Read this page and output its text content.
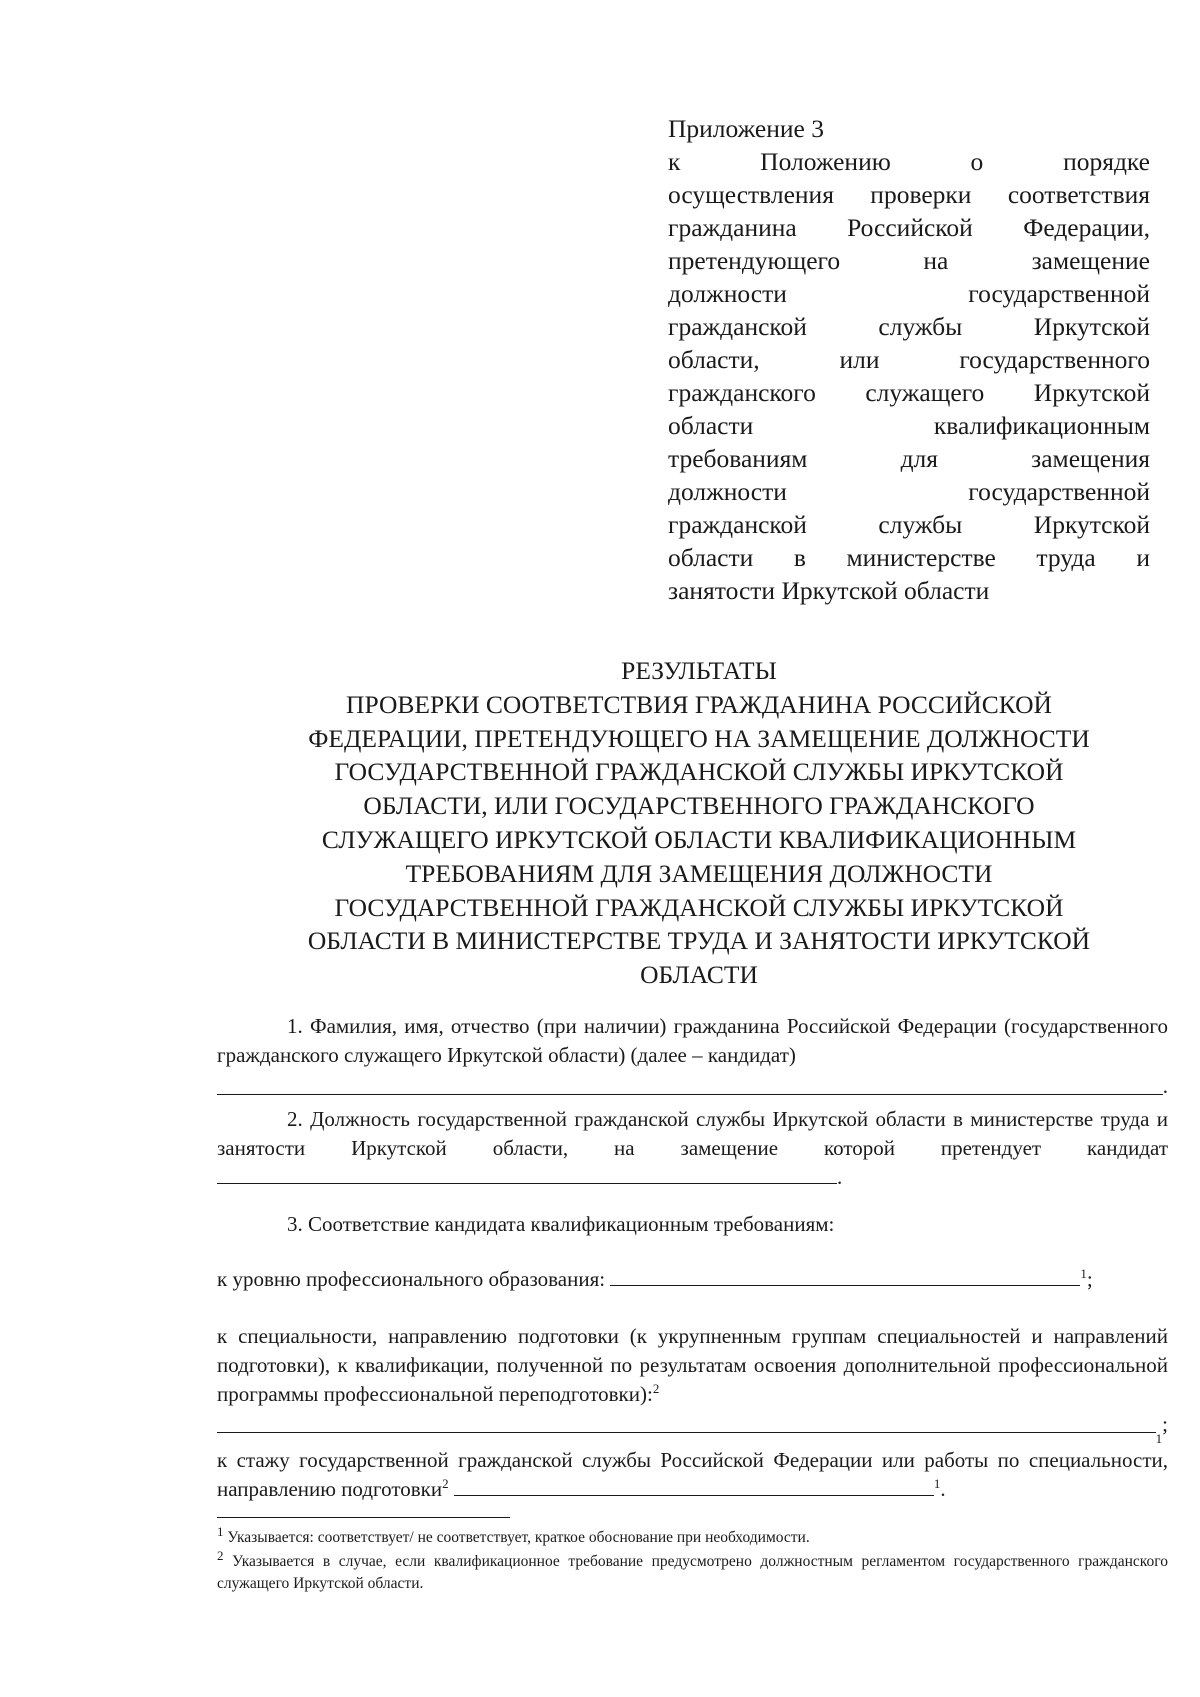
Приложение 3
к Положению о порядке
осуществления проверки соответствия
гражданина Российской Федерации,
претендующего на замещение
должности государственной
гражданской службы Иркутской
области, или государственного
гражданского служащего Иркутской
области квалификационным
требованиям для замещения
должности государственной
гражданской службы Иркутской
области в министерстве труда и
занятости Иркутской области
РЕЗУЛЬТАТЫ
ПРОВЕРКИ СООТВЕТСТВИЯ ГРАЖДАНИНА РОССИЙСКОЙ
ФЕДЕРАЦИИ, ПРЕТЕНДУЮЩЕГО НА ЗАМЕЩЕНИЕ ДОЛЖНОСТИ
ГОСУДАРСТВЕННОЙ ГРАЖДАНСКОЙ СЛУЖБЫ ИРКУТСКОЙ
ОБЛАСТИ, ИЛИ ГОСУДАРСТВЕННОГО ГРАЖДАНСКОГО
СЛУЖАЩЕГО ИРКУТСКОЙ ОБЛАСТИ КВАЛИФИКАЦИОННЫМ
ТРЕБОВАНИЯМ ДЛЯ ЗАМЕЩЕНИЯ ДОЛЖНОСТИ
ГОСУДАРСТВЕННОЙ ГРАЖДАНСКОЙ СЛУЖБЫ ИРКУТСКОЙ
ОБЛАСТИ В МИНИСТЕРСТВЕ ТРУДА И ЗАНЯТОСТИ ИРКУТСКОЙ
ОБЛАСТИ
1. Фамилия, имя, отчество (при наличии) гражданина Российской Федерации (государственного гражданского служащего Иркутской области) (далее – кандидат)
.
2. Должность государственной гражданской службы Иркутской области в министерстве труда и занятости Иркутской области, на замещение которой претендует кандидат .
3. Соответствие кандидата квалификационным требованиям:
к уровню профессионального образования:	$^1$;
к специальности, направлению подготовки (к укрупненным группам специальностей и направлений подготовки), к квалификации, полученной по результатам освоения дополнительной профессиональной программы профессиональной переподготовки):$^2$
1
;
к стажу государственной гражданской службы Российской Федерации или работы по специальности, направлению подготовки$^2$	$^1$.
$^1$ Указывается: соответствует/ не соответствует, краткое обоснование при необходимости.
$^2$ Указывается в случае, если квалификационное требование предусмотрено должностным регламентом государственного гражданского служащего Иркутской области.
